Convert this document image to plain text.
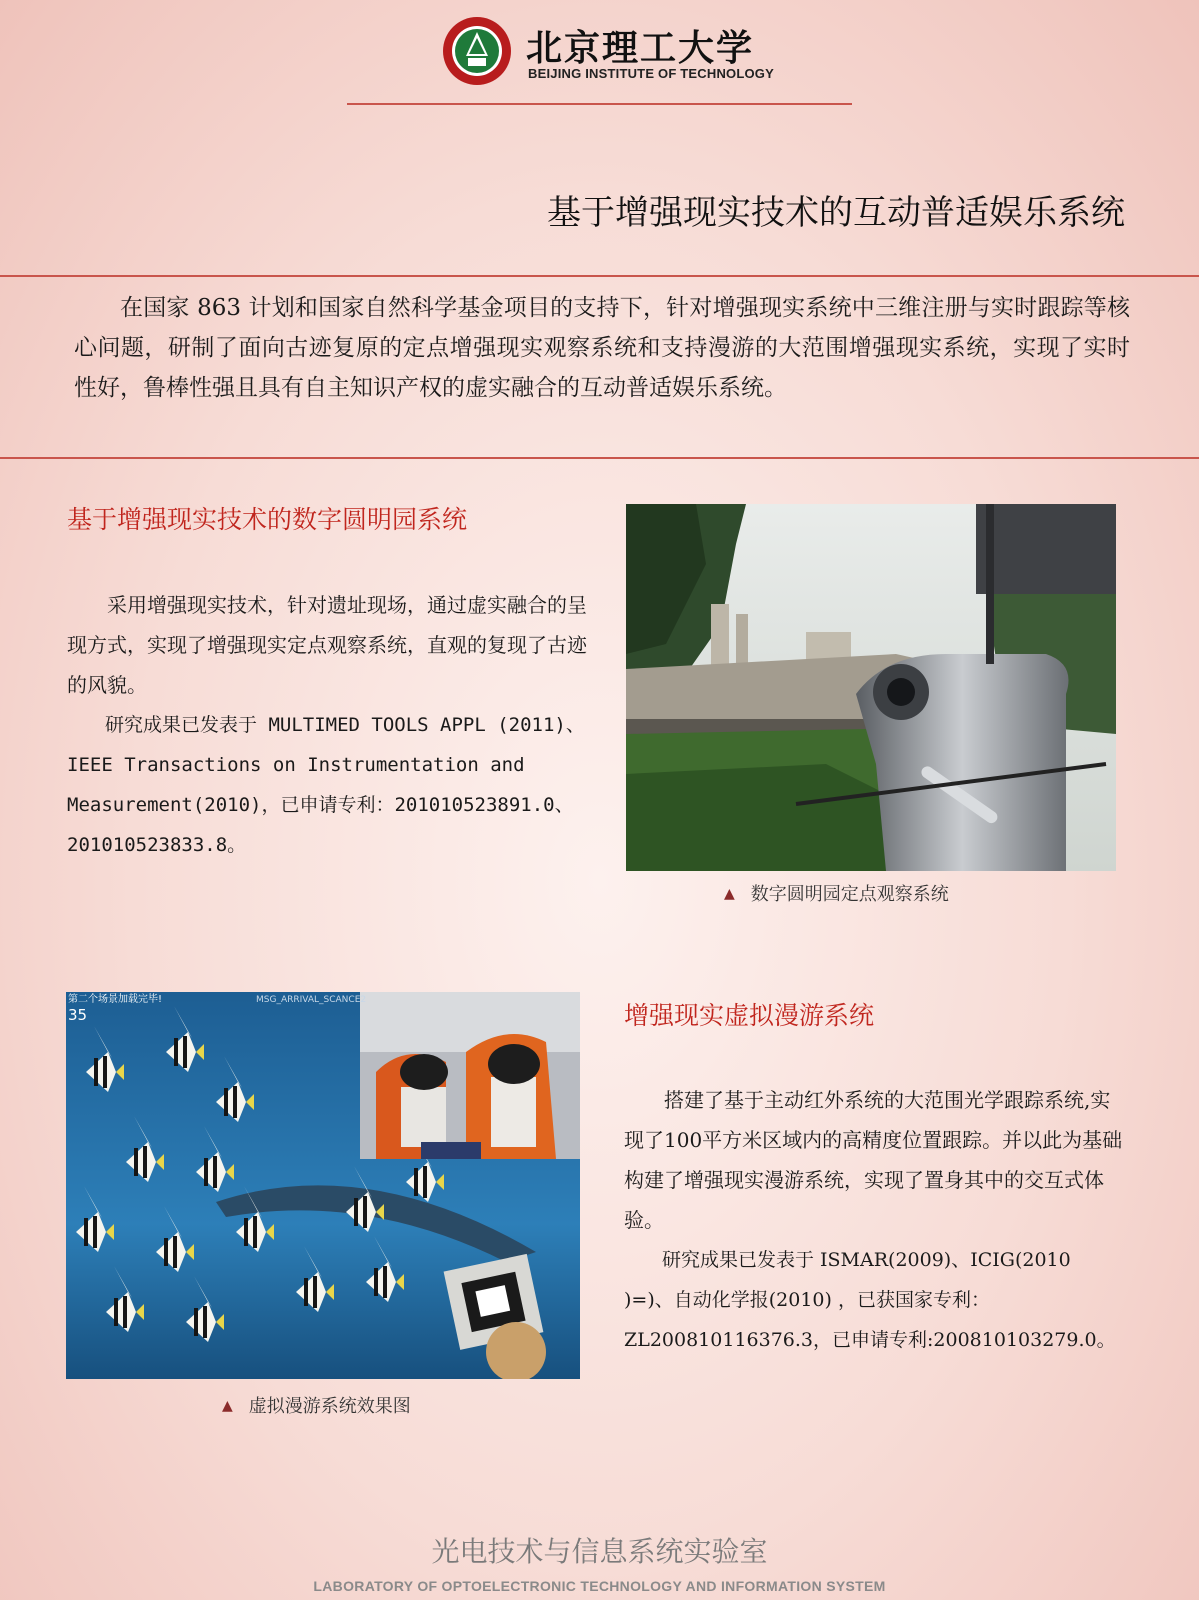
北京理工大学
BEIJING INSTITUTE OF TECHNOLOGY
基于增强现实技术的互动普适娱乐系统
在国家 863 计划和国家自然科学基金项目的支持下，针对增强现实系统中三维注册与实时跟踪等核心问题，研制了面向古迹复原的定点增强现实观察系统和支持漫游的大范围增强现实系统，实现了实时性好，鲁棒性强且具有自主知识产权的虚实融合的互动普适娱乐系统。
基于增强现实技术的数字圆明园系统

采用增强现实技术，针对遗址现场，通过虚实融合的呈现方式，实现了增强现实定点观察系统，直观的复现了古迹的风貌。

研究成果已发表于 MULTIMED TOOLS APPL (2011)、IEEE Transactions on Instrumentation and Measurement(2010)，已申请专利：201010523891.0、201010523833.8。

▲ 数字圆明园定点观察系统
第二个场景加载完毕!	MSG_ARRIVAL_SCANCE2
35
▲ 虚拟漫游系统效果图
增强现实虚拟漫游系统

搭建了基于主动红外系统的大范围光学跟踪系统,实现了100平方米区域内的高精度位置跟踪。并以此为基础构建了增强现实漫游系统，实现了置身其中的交互式体验。

研究成果已发表于 ISMAR(2009)、ICIG(2010 )=)、自动化学报(2010) ，已获国家专利：ZL200810116376.3，已申请专利:200810103279.0。

光电技术与信息系统实验室
LABORATORY OF OPTOELECTRONIC TECHNOLOGY AND INFORMATION SYSTEM
